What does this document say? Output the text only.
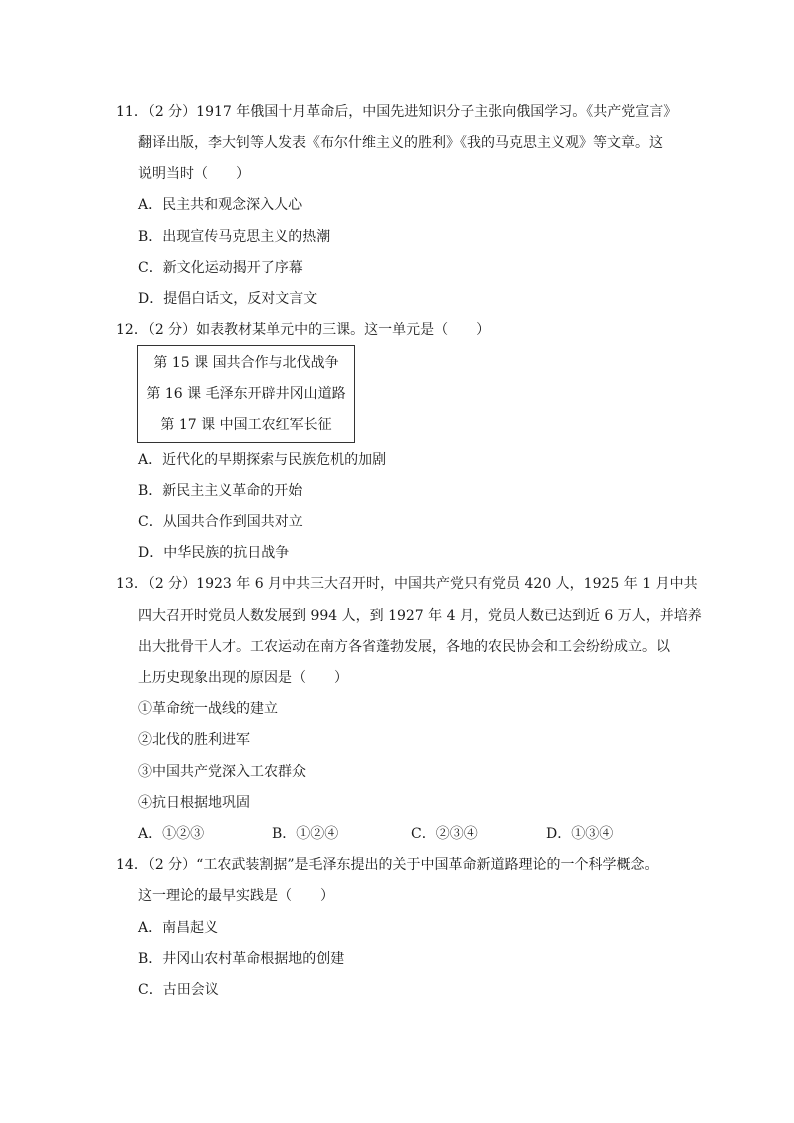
11．（2 分）1917 年俄国十月革命后，中国先进知识分子主张向俄国学习。《共产党宣言》
翻译出版，李大钊等人发表《布尔什维主义的胜利》《我的马克思主义观》等文章。这
说明当时（　　）
A．民主共和观念深入人心
B．出现宣传马克思主义的热潮
C．新文化运动揭开了序幕
D．提倡白话文，反对文言文
12．（2 分）如表教材某单元中的三课。这一单元是（　　）
第 15 课 国共合作与北伐战争
第 16 课 毛泽东开辟井冈山道路
第 17 课 中国工农红军长征
A．近代化的早期探索与民族危机的加剧
B．新民主主义革命的开始
C．从国共合作到国共对立
D．中华民族的抗日战争
13．（2 分）1923 年 6 月中共三大召开时，中国共产党只有党员 420 人，1925 年 1 月中共
四大召开时党员人数发展到 994 人，到 1927 年 4 月，党员人数已达到近 6 万人，并培养
出大批骨干人才。工农运动在南方各省蓬勃发展，各地的农民协会和工会纷纷成立。以
上历史现象出现的原因是（　　）
①革命统一战线的建立
②北伐的胜利进军
③中国共产党深入工农群众
④抗日根据地巩固
A．①②③	B．①②④	C．②③④	D．①③④
14．（2 分）“工农武装割据”是毛泽东提出的关于中国革命新道路理论的一个科学概念。
这一理论的最早实践是（　　）
A．南昌起义
B．井冈山农村革命根据地的创建
C．古田会议
